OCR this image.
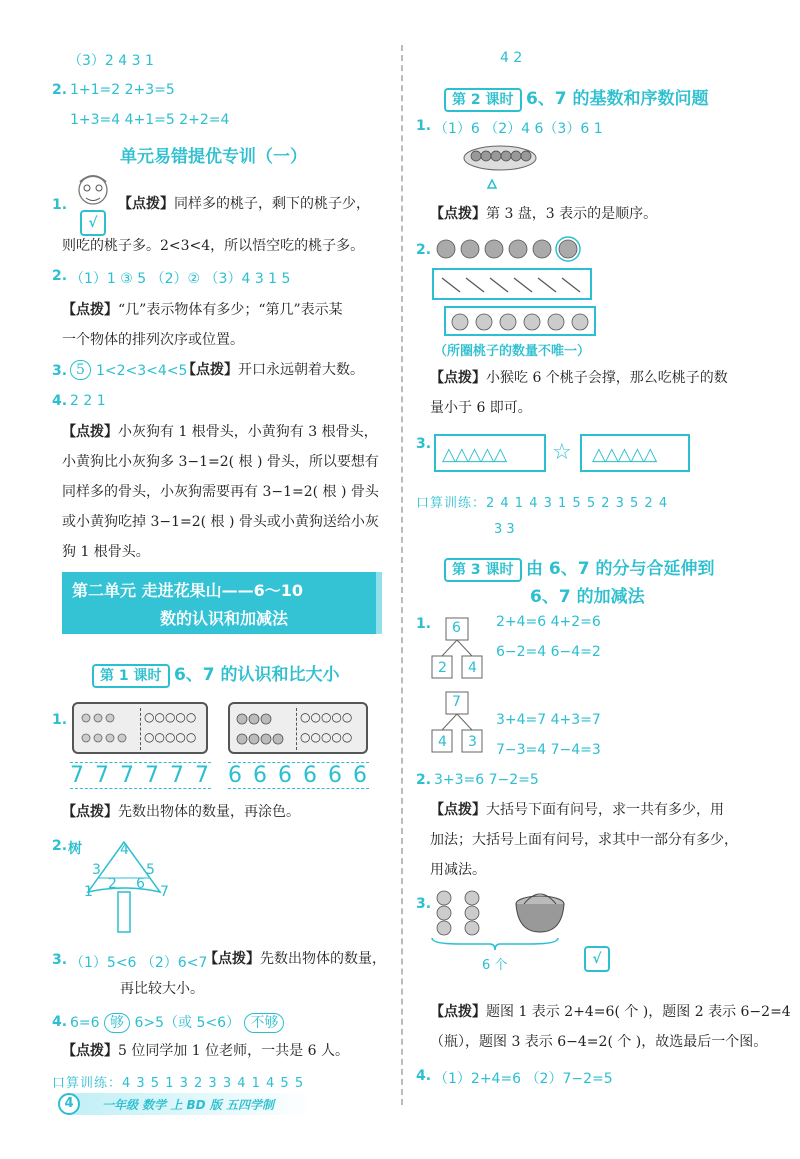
（3）2 4 3 1
2. 1+1=2 2+3=5
1+3=4 4+1=5 2+2=4
单元易错提优专训（一）
1.
√
【点拨】同样多的桃子，剩下的桃子少，
则吃的桃子多。2<3<4，所以悟空吃的桃子多。
2. （1）1 ③ 5 （2）② （3）4 3 1 5
【点拨】“几”表示物体有多少；“第几”表示某
一个物体的排列次序或位置。
3. 5 1<2<3<4<5
【点拨】开口永远朝着大数。
4. 2 2 1
【点拨】小灰狗有 1 根骨头，小黄狗有 3 根骨头，
小黄狗比小灰狗多 3−1=2( 根 ) 骨头，所以要想有
同样多的骨头，小灰狗需要再有 3−1=2( 根 ) 骨头
或小黄狗吃掉 3−1=2( 根 ) 骨头或小黄狗送给小灰
狗 1 根骨头。
第二单元 走进花果山——6～10
数的认识和加减法
第 1 课时 6、7 的认识和比大小
1.	○○○○○
○○○○○
○○○○○
○○○○○
7 7 7 7 7 7 6 6 6 6 6 6
【点拨】先数出物体的数量，再涂色。
2. 树	4
3	5
2 6
1	7
3. （1）5<6 （2）6<7
【点拨】先数出物体的数量，
再比较大小。
4. 6=6 够 6>5（或 5<6） 不够
【点拨】5 位同学加 1 位老师，一共是 6 人。
口算训练：4 3 5 1 3 2 3 3 4 1 4 5 5
一年级 数学 上 BD 版 五四学制
4
4 2
第 2 课时 6、7 的基数和序数问题
1. （1）6 （2）4 6（3）6 1
【点拨】第 3 盘，3 表示的是顺序。
2.
（所圈桃子的数量不唯一）
【点拨】小猴吃 6 个桃子会撑，那么吃桃子的数
量小于 6 即可。
3. △△△△△ ☆ △△△△△
口算训练：2 4 1 4 3 1 5 5 2 3 5 2 4
3 3
第 3 课时 由 6、7 的分与合延伸到
6、7 的加减法
1. 6
2 4
2+4=6 4+2=6
6−2=4 6−4=2
7
4 3
3+4=7 4+3=7
7−3=4 7−4=3
2. 3+3=6 7−2=5
【点拨】大括号下面有问号，求一共有多少，用
加法；大括号上面有问号，求其中一部分有多少，
用减法。
3.
6 个	√
【点拨】题图 1 表示 2+4=6( 个 )，题图 2 表示 6−2=4
（瓶），题图 3 表示 6−4=2( 个 )，故选最后一个图。
4. （1）2+4=6 （2）7−2=5
